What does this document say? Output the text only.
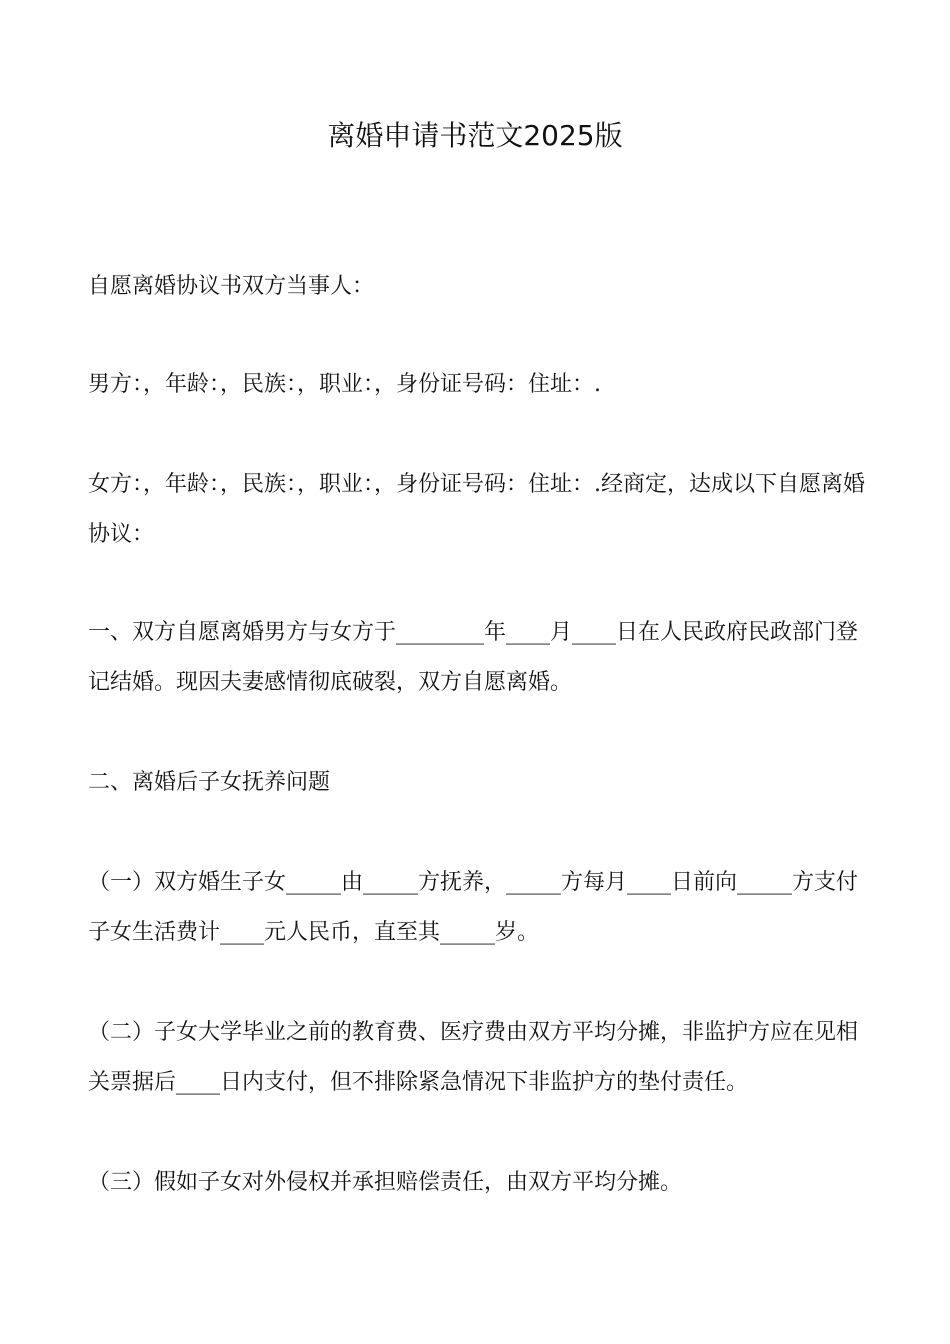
离婚申请书范文2025版

自愿离婚协议书双方当事人：

男方：，年龄：，民族：，职业：，身份证号码：住址：.

女方：，年龄：，民族：，职业：，身份证号码：住址：.经商定，达成以下自愿离婚协议：

一、双方自愿离婚男方与女方于________年____月____日在人民政府民政部门登记结婚。现因夫妻感情彻底破裂，双方自愿离婚。

二、离婚后子女抚养问题

（一）双方婚生子女_____由_____方抚养，_____方每月____日前向_____方支付子女生活费计____元人民币，直至其_____岁。

（二）子女大学毕业之前的教育费、医疗费由双方平均分摊，非监护方应在见相关票据后____日内支付，但不排除紧急情况下非监护方的垫付责任。

（三）假如子女对外侵权并承担赔偿责任，由双方平均分摊。
